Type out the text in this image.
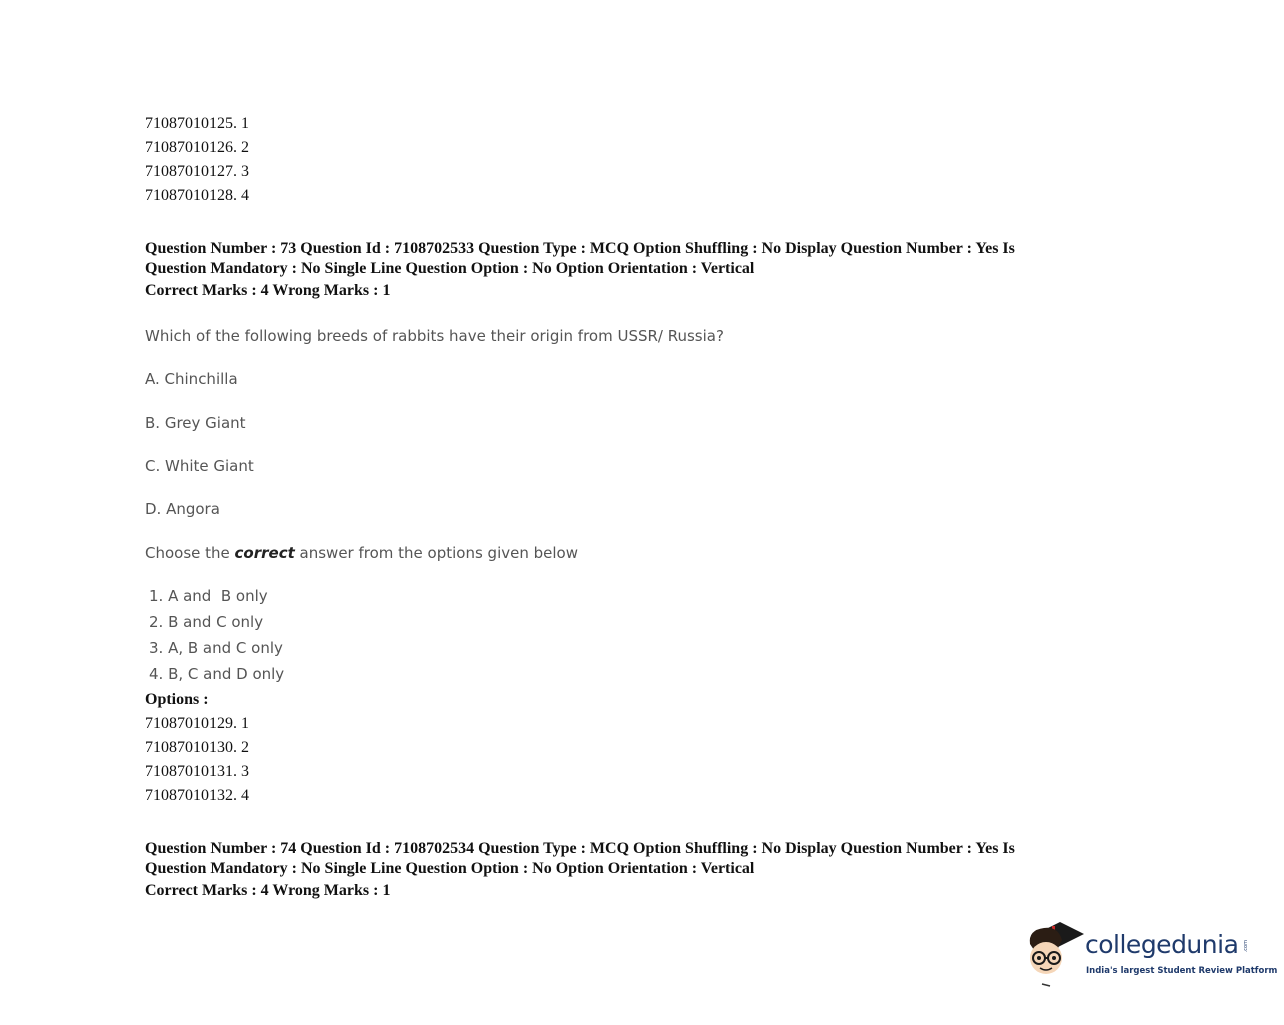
71087010125. 1
71087010126. 2
71087010127. 3
71087010128. 4
Question Number : 73 Question Id : 7108702533 Question Type : MCQ Option Shuffling : No Display Question Number : Yes Is
Question Mandatory : No Single Line Question Option : No Option Orientation : Vertical
Correct Marks : 4 Wrong Marks : 1
Which of the following breeds of rabbits have their origin from USSR/ Russia?
A. Chinchilla
B. Grey Giant
C. White Giant
D. Angora
Choose the correct answer from the options given below
1. A and  B only
2. B and C only
3. A, B and C only
4. B, C and D only
Options :
71087010129. 1
71087010130. 2
71087010131. 3
71087010132. 4
Question Number : 74 Question Id : 7108702534 Question Type : MCQ Option Shuffling : No Display Question Number : Yes Is
Question Mandatory : No Single Line Question Option : No Option Orientation : Vertical
Correct Marks : 4 Wrong Marks : 1
collegedunia .com
India's largest Student Review Platform
